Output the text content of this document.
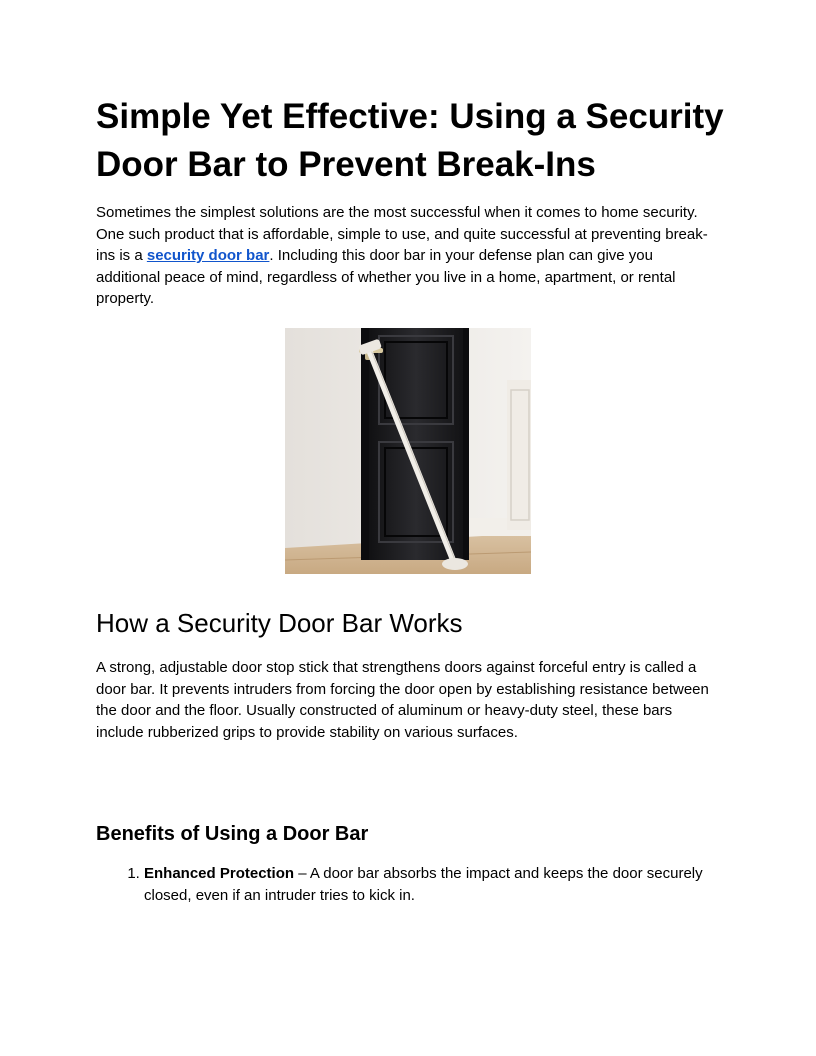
Simple Yet Effective: Using a Security Door Bar to Prevent Break-Ins

Sometimes the simplest solutions are the most successful when it comes to home security. One such product that is affordable, simple to use, and quite successful at preventing break-ins is a security door bar. Including this door bar in your defense plan can give you additional peace of mind, regardless of whether you live in a home, apartment, or rental property.

How a Security Door Bar Works

A strong, adjustable door stop stick that strengthens doors against forceful entry is called a door bar. It prevents intruders from forcing the door open by establishing resistance between the door and the floor. Usually constructed of aluminum or heavy-duty steel, these bars include rubberized grips to provide stability on various surfaces.

Benefits of Using a Door Bar
1. Enhanced Protection – A door bar absorbs the impact and keeps the door securely closed, even if an intruder tries to kick in.
